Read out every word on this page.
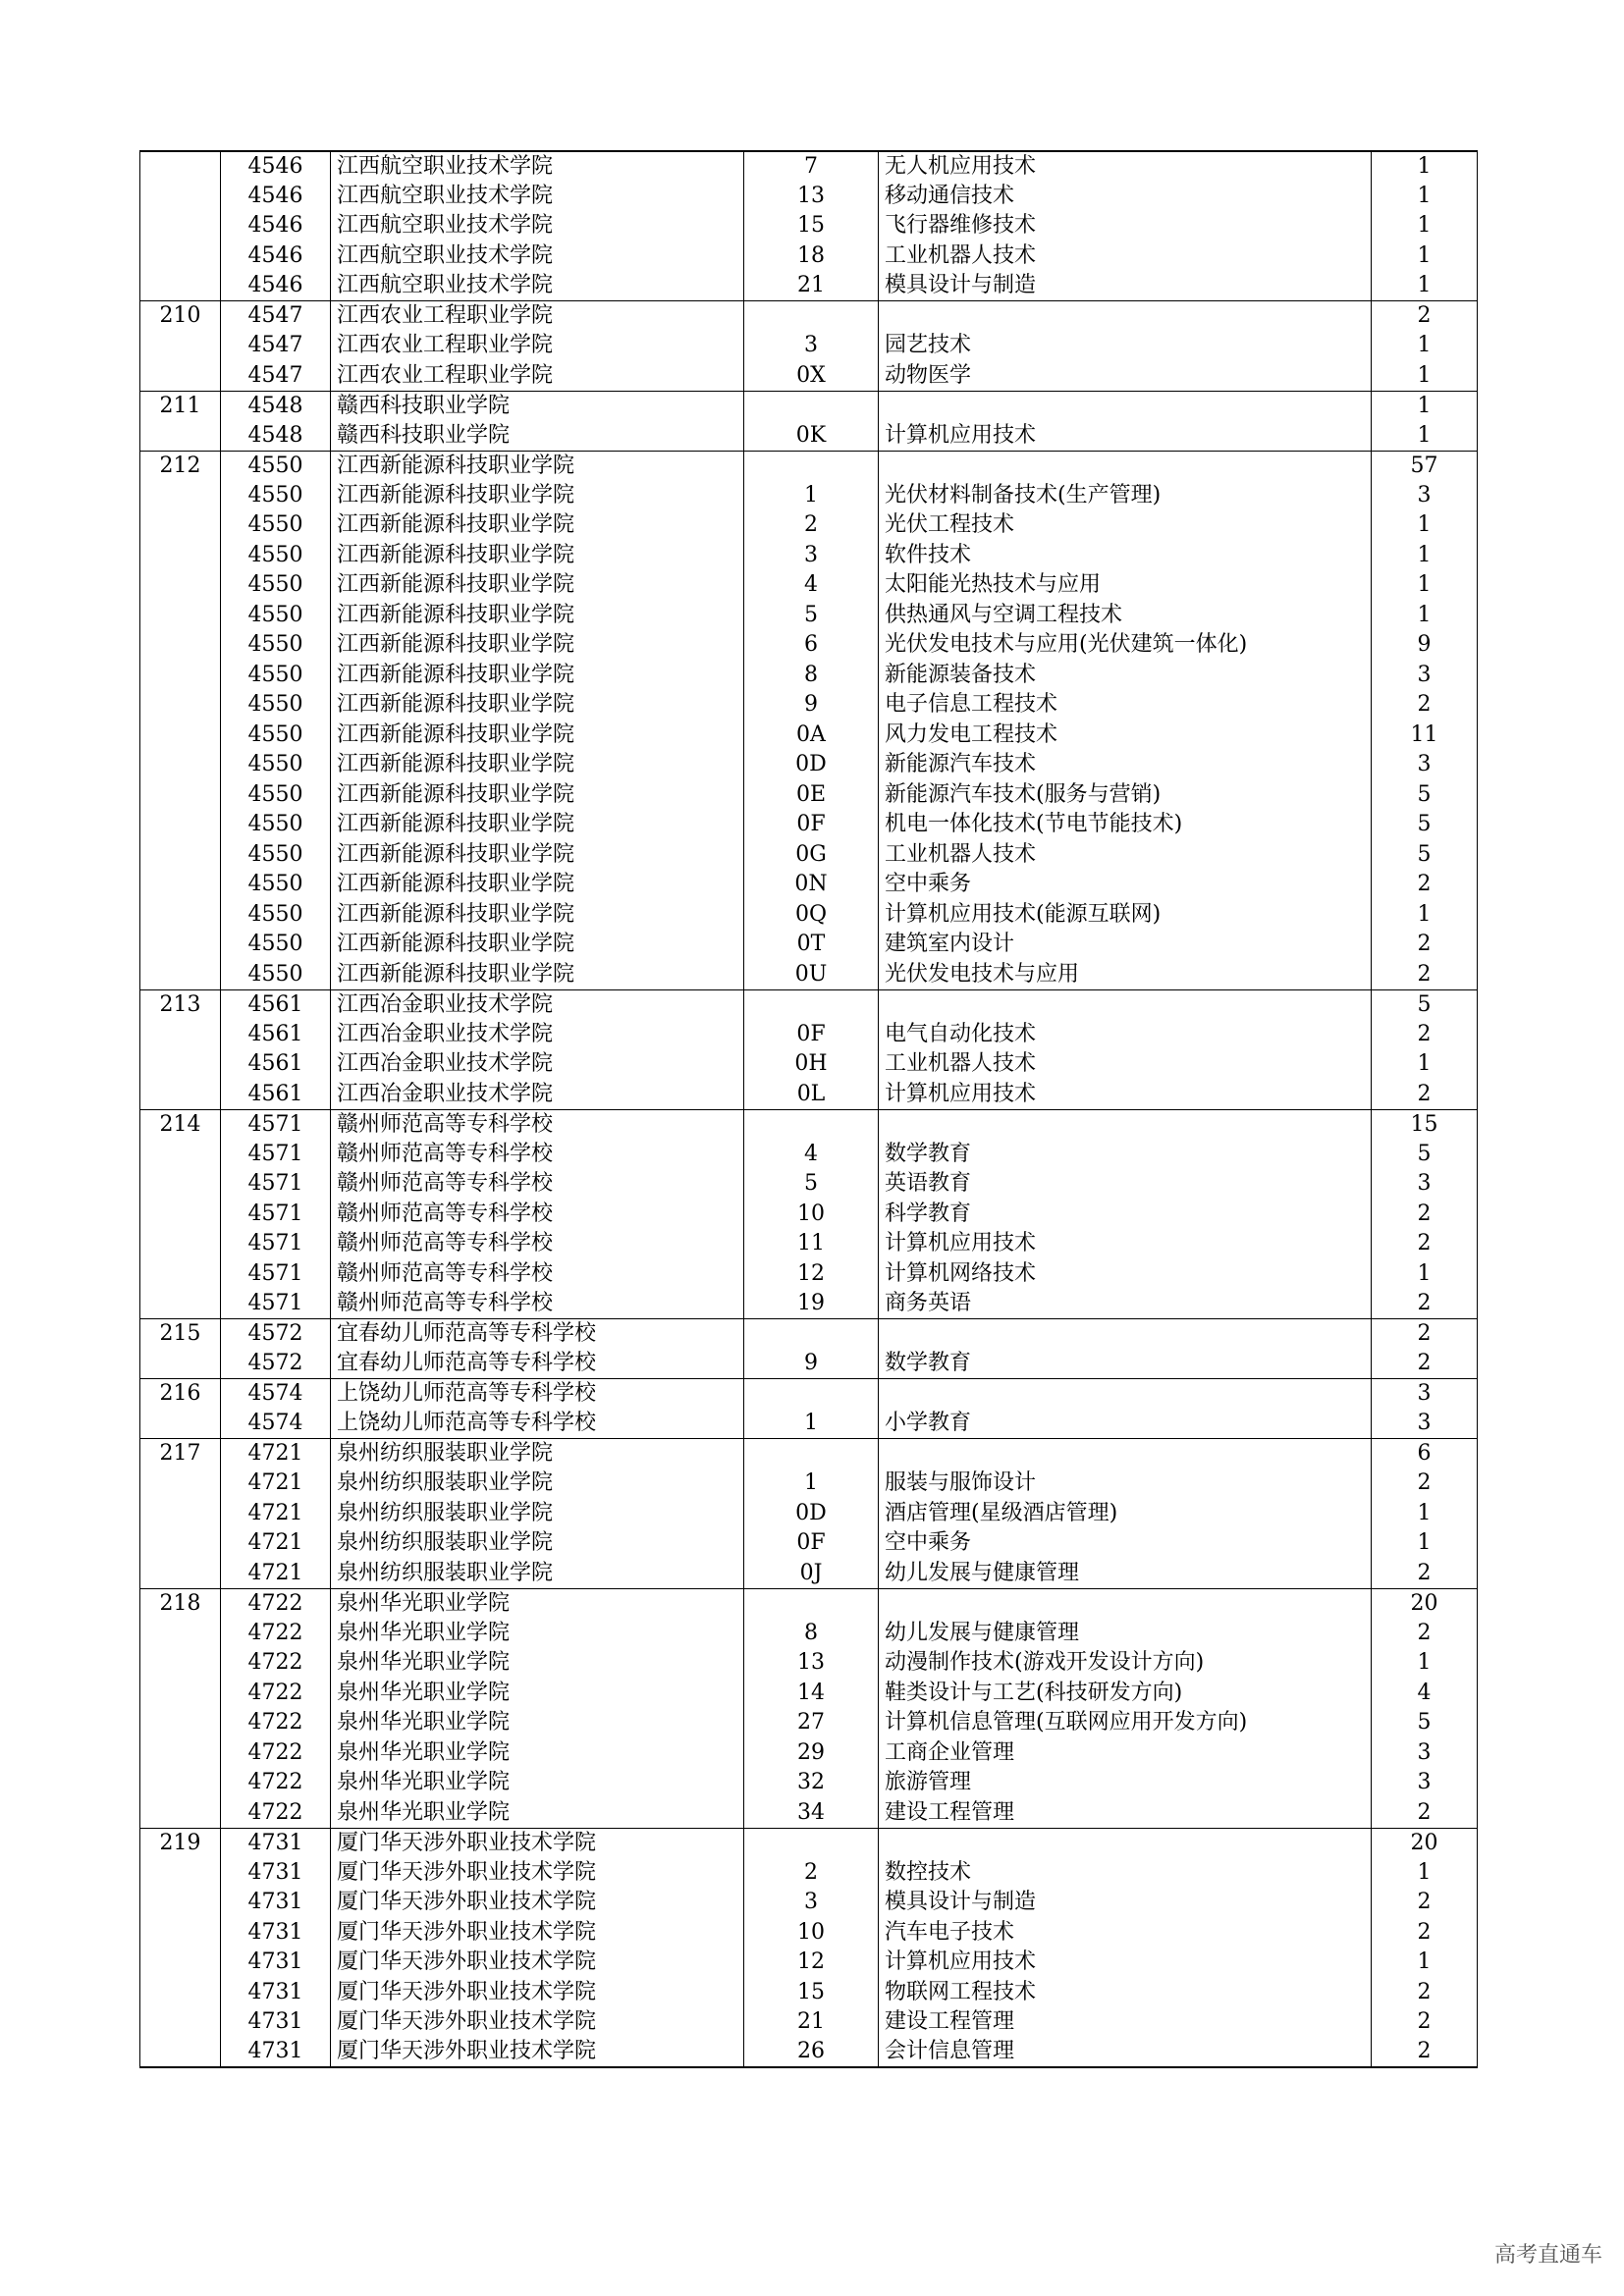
	4546	江西航空职业技术学院	7	无人机应用技术	1
	4546	江西航空职业技术学院	13	移动通信技术	1
	4546	江西航空职业技术学院	15	飞行器维修技术	1
	4546	江西航空职业技术学院	18	工业机器人技术	1
	4546	江西航空职业技术学院	21	模具设计与制造	1
210	4547	江西农业工程职业学院			2
	4547	江西农业工程职业学院	3	园艺技术	1
	4547	江西农业工程职业学院	0X	动物医学	1
211	4548	赣西科技职业学院			1
	4548	赣西科技职业学院	0K	计算机应用技术	1
212	4550	江西新能源科技职业学院			57
	4550	江西新能源科技职业学院	1	光伏材料制备技术(生产管理)	3
	4550	江西新能源科技职业学院	2	光伏工程技术	1
	4550	江西新能源科技职业学院	3	软件技术	1
	4550	江西新能源科技职业学院	4	太阳能光热技术与应用	1
	4550	江西新能源科技职业学院	5	供热通风与空调工程技术	1
	4550	江西新能源科技职业学院	6	光伏发电技术与应用(光伏建筑一体化)	9
	4550	江西新能源科技职业学院	8	新能源装备技术	3
	4550	江西新能源科技职业学院	9	电子信息工程技术	2
	4550	江西新能源科技职业学院	0A	风力发电工程技术	11
	4550	江西新能源科技职业学院	0D	新能源汽车技术	3
	4550	江西新能源科技职业学院	0E	新能源汽车技术(服务与营销)	5
	4550	江西新能源科技职业学院	0F	机电一体化技术(节电节能技术)	5
	4550	江西新能源科技职业学院	0G	工业机器人技术	5
	4550	江西新能源科技职业学院	0N	空中乘务	2
	4550	江西新能源科技职业学院	0Q	计算机应用技术(能源互联网)	1
	4550	江西新能源科技职业学院	0T	建筑室内设计	2
	4550	江西新能源科技职业学院	0U	光伏发电技术与应用	2
213	4561	江西冶金职业技术学院			5
	4561	江西冶金职业技术学院	0F	电气自动化技术	2
	4561	江西冶金职业技术学院	0H	工业机器人技术	1
	4561	江西冶金职业技术学院	0L	计算机应用技术	2
214	4571	赣州师范高等专科学校			15
	4571	赣州师范高等专科学校	4	数学教育	5
	4571	赣州师范高等专科学校	5	英语教育	3
	4571	赣州师范高等专科学校	10	科学教育	2
	4571	赣州师范高等专科学校	11	计算机应用技术	2
	4571	赣州师范高等专科学校	12	计算机网络技术	1
	4571	赣州师范高等专科学校	19	商务英语	2
215	4572	宜春幼儿师范高等专科学校			2
	4572	宜春幼儿师范高等专科学校	9	数学教育	2
216	4574	上饶幼儿师范高等专科学校			3
	4574	上饶幼儿师范高等专科学校	1	小学教育	3
217	4721	泉州纺织服装职业学院			6
	4721	泉州纺织服装职业学院	1	服装与服饰设计	2
	4721	泉州纺织服装职业学院	0D	酒店管理(星级酒店管理)	1
	4721	泉州纺织服装职业学院	0F	空中乘务	1
	4721	泉州纺织服装职业学院	0J	幼儿发展与健康管理	2
218	4722	泉州华光职业学院			20
	4722	泉州华光职业学院	8	幼儿发展与健康管理	2
	4722	泉州华光职业学院	13	动漫制作技术(游戏开发设计方向)	1
	4722	泉州华光职业学院	14	鞋类设计与工艺(科技研发方向)	4
	4722	泉州华光职业学院	27	计算机信息管理(互联网应用开发方向)	5
	4722	泉州华光职业学院	29	工商企业管理	3
	4722	泉州华光职业学院	32	旅游管理	3
	4722	泉州华光职业学院	34	建设工程管理	2
219	4731	厦门华天涉外职业技术学院			20
	4731	厦门华天涉外职业技术学院	2	数控技术	1
	4731	厦门华天涉外职业技术学院	3	模具设计与制造	2
	4731	厦门华天涉外职业技术学院	10	汽车电子技术	2
	4731	厦门华天涉外职业技术学院	12	计算机应用技术	1
	4731	厦门华天涉外职业技术学院	15	物联网工程技术	2
	4731	厦门华天涉外职业技术学院	21	建设工程管理	2
	4731	厦门华天涉外职业技术学院	26	会计信息管理	2
高考直通车
